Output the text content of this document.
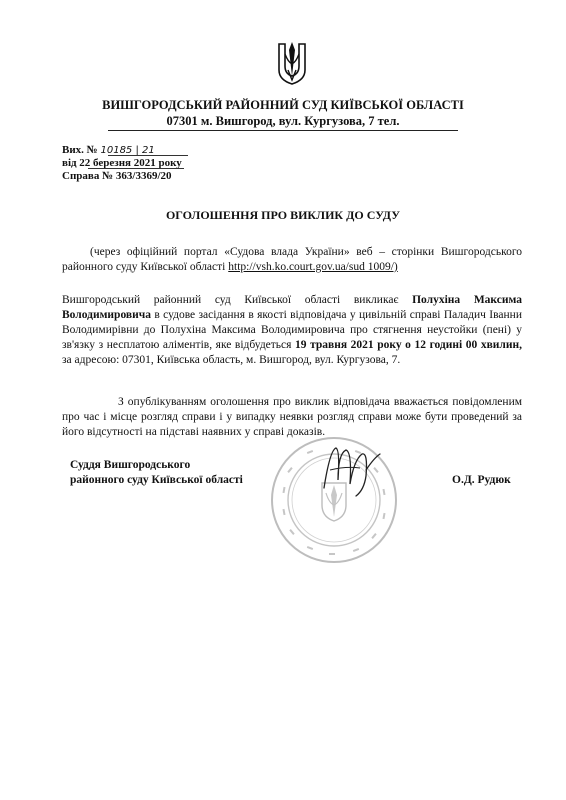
ВИШГОРОДСЬКИЙ РАЙОННИЙ СУД КИЇВСЬКОЇ ОБЛАСТІ
07301 м. Вишгород, вул. Кургузова, 7 тел.
Вих. № 10185 | 21
від 22 березня 2021 року
Справа № 363/3369/20
ОГОЛОШЕННЯ ПРО ВИКЛИК ДО СУДУ
(через офіційний портал «Судова влада України» веб – сторінки Вишгородського районного суду Київської області http://vsh.ko.court.gov.ua/sud 1009/)
Вишгородський районний суд Київської області викликає Полухіна Максима Володимировича в судове засідання в якості відповідача у цивільній справі Паладич Іванни Володимирівни до Полухіна Максима Володимировича про стягнення неустойки (пені) у зв'язку з несплатою аліментів, яке відбудеться 19 травня 2021 року о 12 годині 00 хвилин, за адресою: 07301, Київська область, м. Вишгород, вул. Кургузова, 7.
З опублікуванням оголошення про виклик відповідача вважається повідомленим про час і місце розгляд справи і у випадку неявки розгляд справи може бути проведений за його відсутності на підставі наявних у справі доказів.
Суддя Вишгородського
районного суду Київської області	О.Д. Рудюк
